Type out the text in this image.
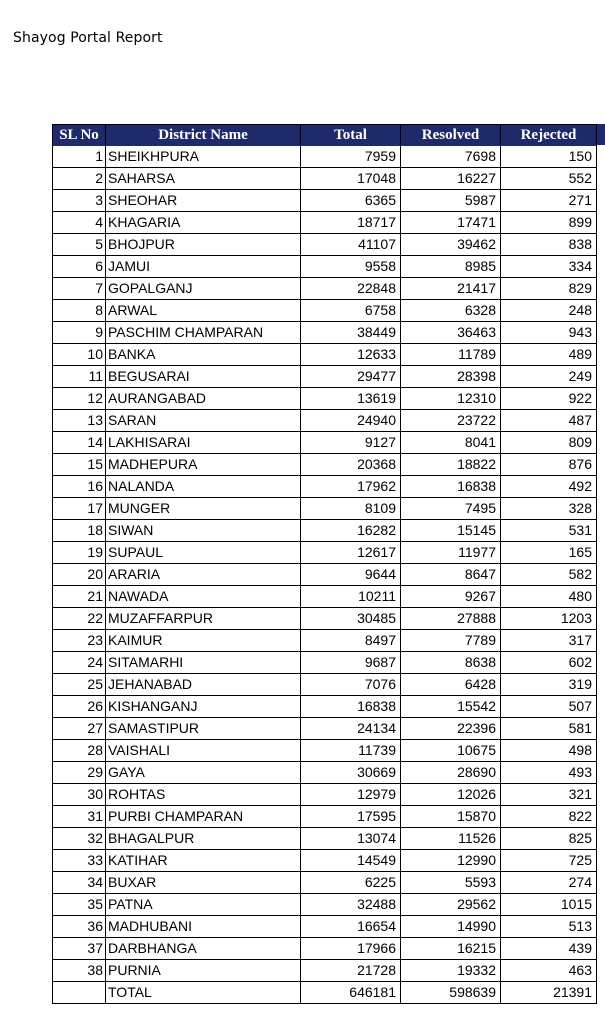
Shayog Portal Report
SL No	District Name	Total	Resolved	Rejected
1	SHEIKHPURA	7959	7698	150
2	SAHARSA	17048	16227	552
3	SHEOHAR	6365	5987	271
4	KHAGARIA	18717	17471	899
5	BHOJPUR	41107	39462	838
6	JAMUI	9558	8985	334
7	GOPALGANJ	22848	21417	829
8	ARWAL	6758	6328	248
9	PASCHIM CHAMPARAN	38449	36463	943
10	BANKA	12633	11789	489
11	BEGUSARAI	29477	28398	249
12	AURANGABAD	13619	12310	922
13	SARAN	24940	23722	487
14	LAKHISARAI	9127	8041	809
15	MADHEPURA	20368	18822	876
16	NALANDA	17962	16838	492
17	MUNGER	8109	7495	328
18	SIWAN	16282	15145	531
19	SUPAUL	12617	11977	165
20	ARARIA	9644	8647	582
21	NAWADA	10211	9267	480
22	MUZAFFARPUR	30485	27888	1203
23	KAIMUR	8497	7789	317
24	SITAMARHI	9687	8638	602
25	JEHANABAD	7076	6428	319
26	KISHANGANJ	16838	15542	507
27	SAMASTIPUR	24134	22396	581
28	VAISHALI	11739	10675	498
29	GAYA	30669	28690	493
30	ROHTAS	12979	12026	321
31	PURBI CHAMPARAN	17595	15870	822
32	BHAGALPUR	13074	11526	825
33	KATIHAR	14549	12990	725
34	BUXAR	6225	5593	274
35	PATNA	32488	29562	1015
36	MADHUBANI	16654	14990	513
37	DARBHANGA	17966	16215	439
38	PURNIA	21728	19332	463
	TOTAL	646181	598639	21391
